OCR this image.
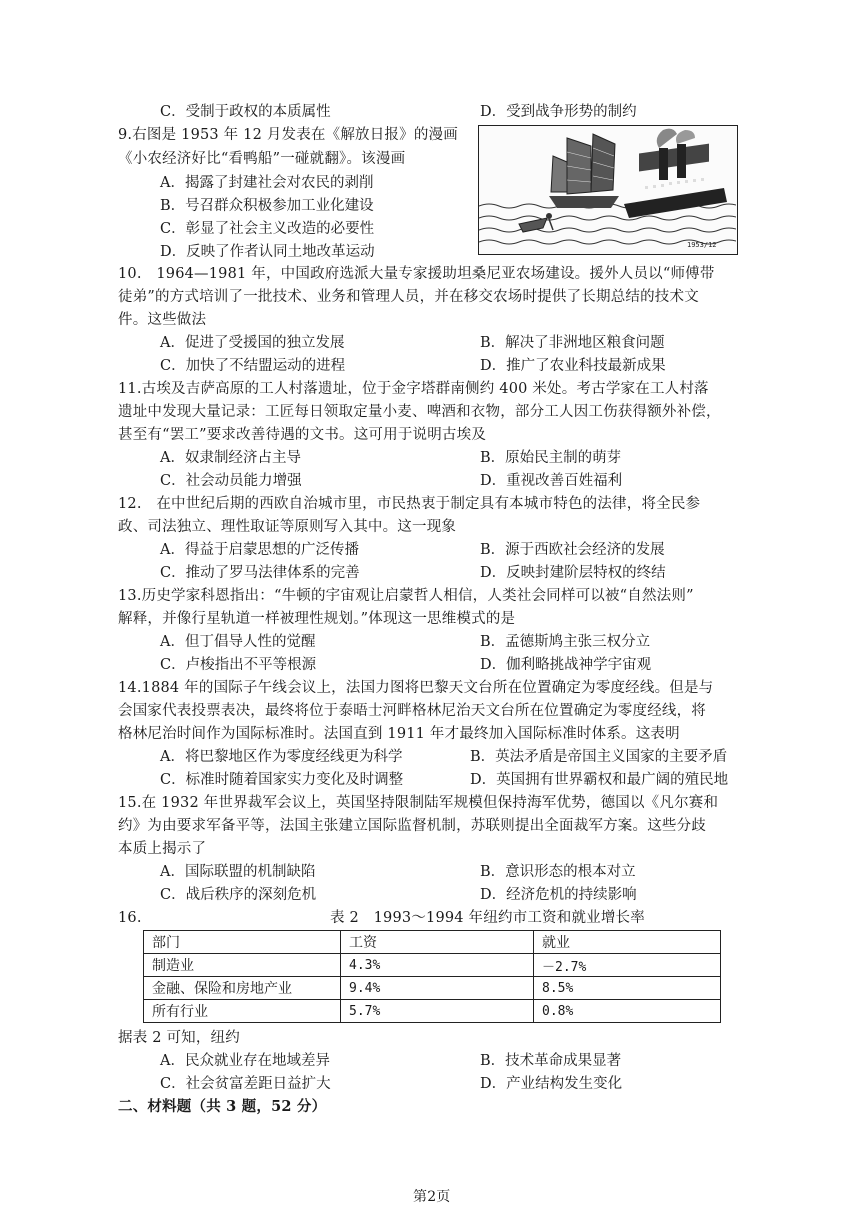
C．受制于政权的本质属性	D．受到战争形势的制约
9.右图是 1953 年 12 月发表在《解放日报》的漫画
《小农经济好比“看鸭船”一碰就翻》。该漫画
A．揭露了封建社会对农民的剥削
B．号召群众积极参加工业化建设
C．彰显了社会主义改造的必要性
D．反映了作者认同土地改革运动	1953/12
10.　1964—1981 年，中国政府选派大量专家援助坦桑尼亚农场建设。援外人员以“师傅带
徒弟”的方式培训了一批技术、业务和管理人员，并在移交农场时提供了长期总结的技术文
件。这些做法
A．促进了受援国的独立发展	B．解决了非洲地区粮食问题
C．加快了不结盟运动的进程	D．推广了农业科技最新成果
11.古埃及吉萨高原的工人村落遗址，位于金字塔群南侧约 400 米处。考古学家在工人村落
遗址中发现大量记录：工匠每日领取定量小麦、啤酒和衣物，部分工人因工伤获得额外补偿，
甚至有“罢工”要求改善待遇的文书。这可用于说明古埃及
A．奴隶制经济占主导	B．原始民主制的萌芽
C．社会动员能力增强	D．重视改善百姓福利
12.　在中世纪后期的西欧自治城市里，市民热衷于制定具有本城市特色的法律，将全民参
政、司法独立、理性取证等原则写入其中。这一现象
A．得益于启蒙思想的广泛传播	B．源于西欧社会经济的发展
C．推动了罗马法律体系的完善	D．反映封建阶层特权的终结
13.历史学家科恩指出：“牛顿的宇宙观让启蒙哲人相信，人类社会同样可以被“自然法则”
解释，并像行星轨道一样被理性规划。”体现这一思维模式的是
A．但丁倡导人性的觉醒	B．孟德斯鸠主张三权分立
C．卢梭指出不平等根源	D．伽利略挑战神学宇宙观
14.1884 年的国际子午线会议上，法国力图将巴黎天文台所在位置确定为零度经线。但是与
会国家代表投票表决，最终将位于泰晤士河畔格林尼治天文台所在位置确定为零度经线，将
格林尼治时间作为国际标准时。法国直到 1911 年才最终加入国际标准时体系。这表明
A．将巴黎地区作为零度经线更为科学	B．英法矛盾是帝国主义国家的主要矛盾
C．标准时随着国家实力变化及时调整	D．英国拥有世界霸权和最广阔的殖民地
15.在 1932 年世界裁军会议上，英国坚持限制陆军规模但保持海军优势，德国以《凡尔赛和
约》为由要求军备平等，法国主张建立国际监督机制，苏联则提出全面裁军方案。这些分歧
本质上揭示了
A．国际联盟的机制缺陷	B．意识形态的根本对立
C．战后秩序的深刻危机	D．经济危机的持续影响
16.	表 2　1993～1994 年纽约市工资和就业增长率
部门	工资	就业
制造业	4.3%	－2.7%
金融、保险和房地产业	9.4%	8.5%
所有行业	5.7%	0.8%
据表 2 可知，纽约
A．民众就业存在地域差异	B．技术革命成果显著
C．社会贫富差距日益扩大	D．产业结构发生变化
二、材料题（共 3 题，52 分）
第2页
